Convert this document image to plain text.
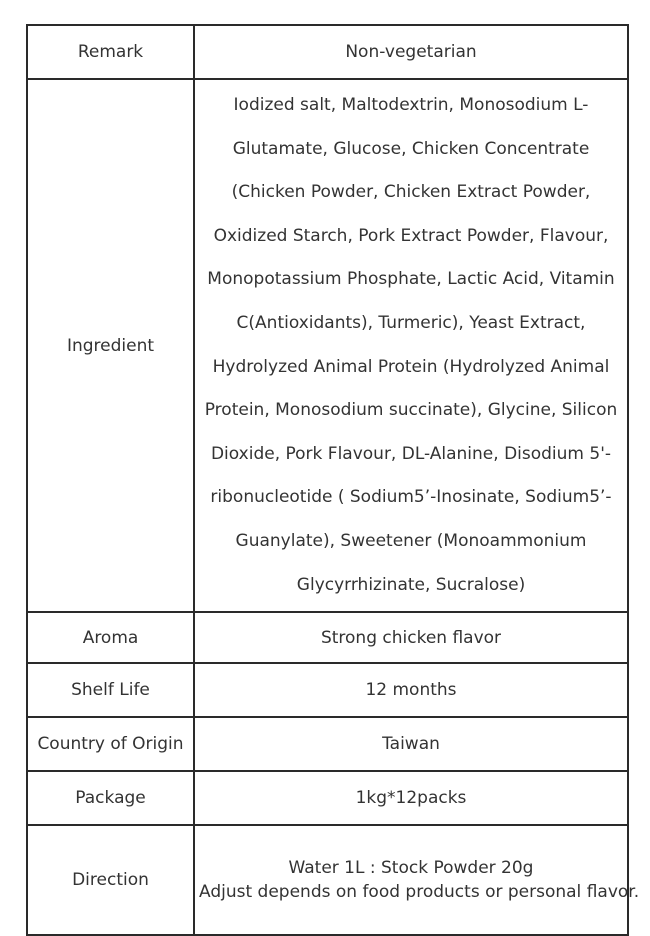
Remark	Non-vegetarian
Ingredient	Iodized salt, Maltodextrin, Monosodium L-Glutamate, Glucose, Chicken Concentrate (Chicken Powder, Chicken Extract Powder, Oxidized Starch, Pork Extract Powder, Flavour, Monopotassium Phosphate, Lactic Acid, Vitamin C(Antioxidants), Turmeric), Yeast Extract, Hydrolyzed Animal Protein (Hydrolyzed Animal Protein, Monosodium succinate), Glycine, Silicon Dioxide, Pork Flavour, DL-Alanine, Disodium 5'-ribonucleotide ( Sodium5’-Inosinate, Sodium5’-Guanylate), Sweetener (Monoammonium Glycyrrhizinate, Sucralose)
Aroma	Strong chicken flavor
Shelf Life	12 months
Country of Origin	Taiwan
Package	1kg*12packs
Direction	Water 1L : Stock Powder 20g
Adjust depends on food products or personal flavor.
